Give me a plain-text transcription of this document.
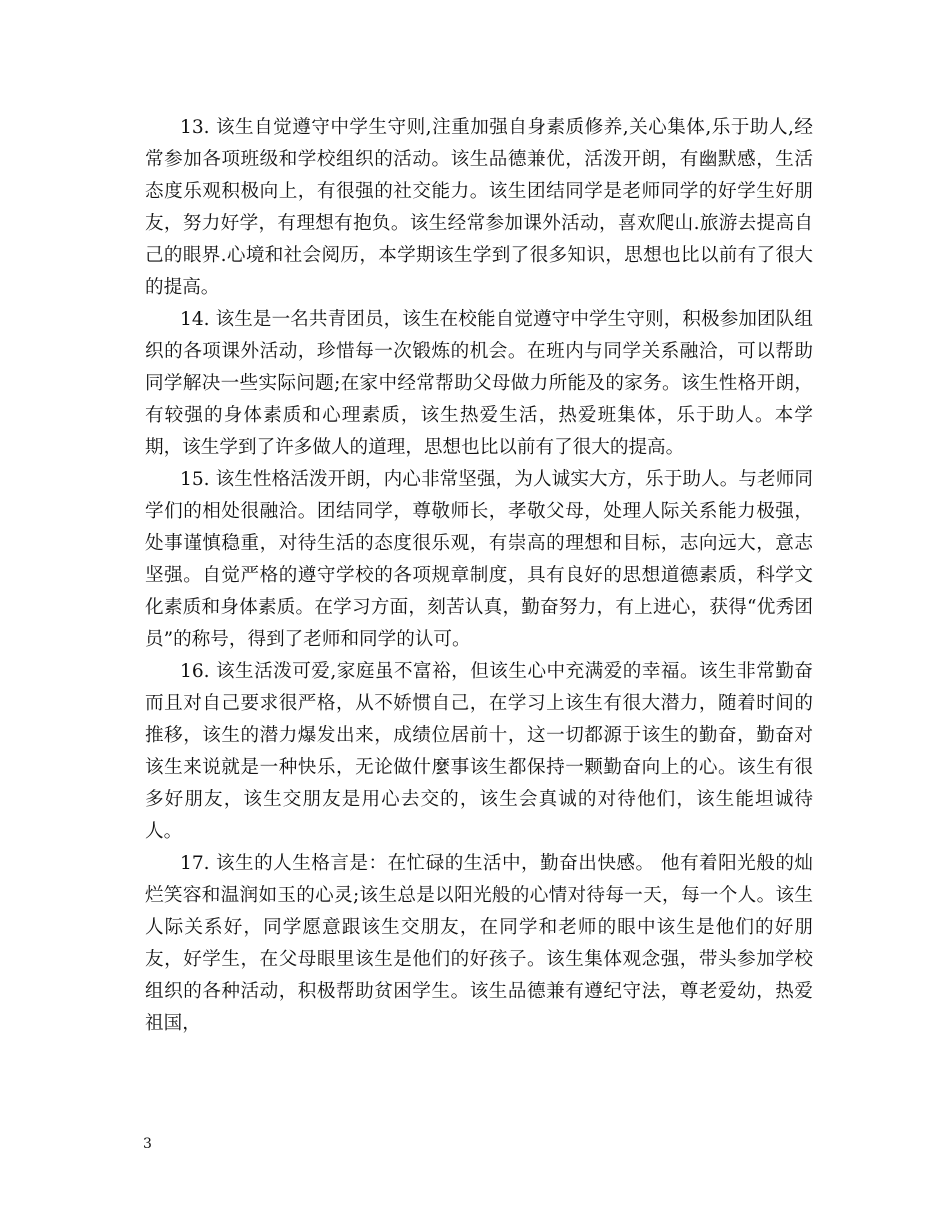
13. 该生自觉遵守中学生守则,注重加强自身素质修养,关心集体,乐于助人,经常参加各项班级和学校组织的活动。该生品德兼优，活泼开朗，有幽默感，生活态度乐观积极向上，有很强的社交能力。该生团结同学是老师同学的好学生好朋友，努力好学，有理想有抱负。该生经常参加课外活动，喜欢爬山.旅游去提高自己的眼界.心境和社会阅历，本学期该生学到了很多知识，思想也比以前有了很大的提高。

14. 该生是一名共青团员，该生在校能自觉遵守中学生守则，积极参加团队组织的各项课外活动，珍惜每一次锻炼的机会。在班内与同学关系融洽，可以帮助同学解决一些实际问题;在家中经常帮助父母做力所能及的家务。该生性格开朗，有较强的身体素质和心理素质，该生热爱生活，热爱班集体，乐于助人。本学期，该生学到了许多做人的道理，思想也比以前有了很大的提高。

15. 该生性格活泼开朗，内心非常坚强，为人诚实大方，乐于助人。与老师同学们的相处很融洽。团结同学，尊敬师长，孝敬父母，处理人际关系能力极强，处事谨慎稳重，对待生活的态度很乐观，有崇高的理想和目标，志向远大，意志坚强。自觉严格的遵守学校的各项规章制度，具有良好的思想道德素质，科学文化素质和身体素质。在学习方面，刻苦认真，勤奋努力，有上进心，获得“优秀团员”的称号，得到了老师和同学的认可。

16. 该生活泼可爱,家庭虽不富裕，但该生心中充满爱的幸福。该生非常勤奋而且对自己要求很严格，从不娇惯自己，在学习上该生有很大潜力，随着时间的推移，该生的潜力爆发出来，成绩位居前十，这一切都源于该生的勤奋，勤奋对该生来说就是一种快乐，无论做什麼事该生都保持一颗勤奋向上的心。该生有很多好朋友，该生交朋友是用心去交的，该生会真诚的对待他们，该生能坦诚待人。

17. 该生的人生格言是：在忙碌的生活中，勤奋出快感。 他有着阳光般的灿烂笑容和温润如玉的心灵;该生总是以阳光般的心情对待每一天，每一个人。该生人际关系好，同学愿意跟该生交朋友，在同学和老师的眼中该生是他们的好朋友，好学生，在父母眼里该生是他们的好孩子。该生集体观念强，带头参加学校组织的各种活动，积极帮助贫困学生。该生品德兼有遵纪守法，尊老爱幼，热爱祖国，

3
